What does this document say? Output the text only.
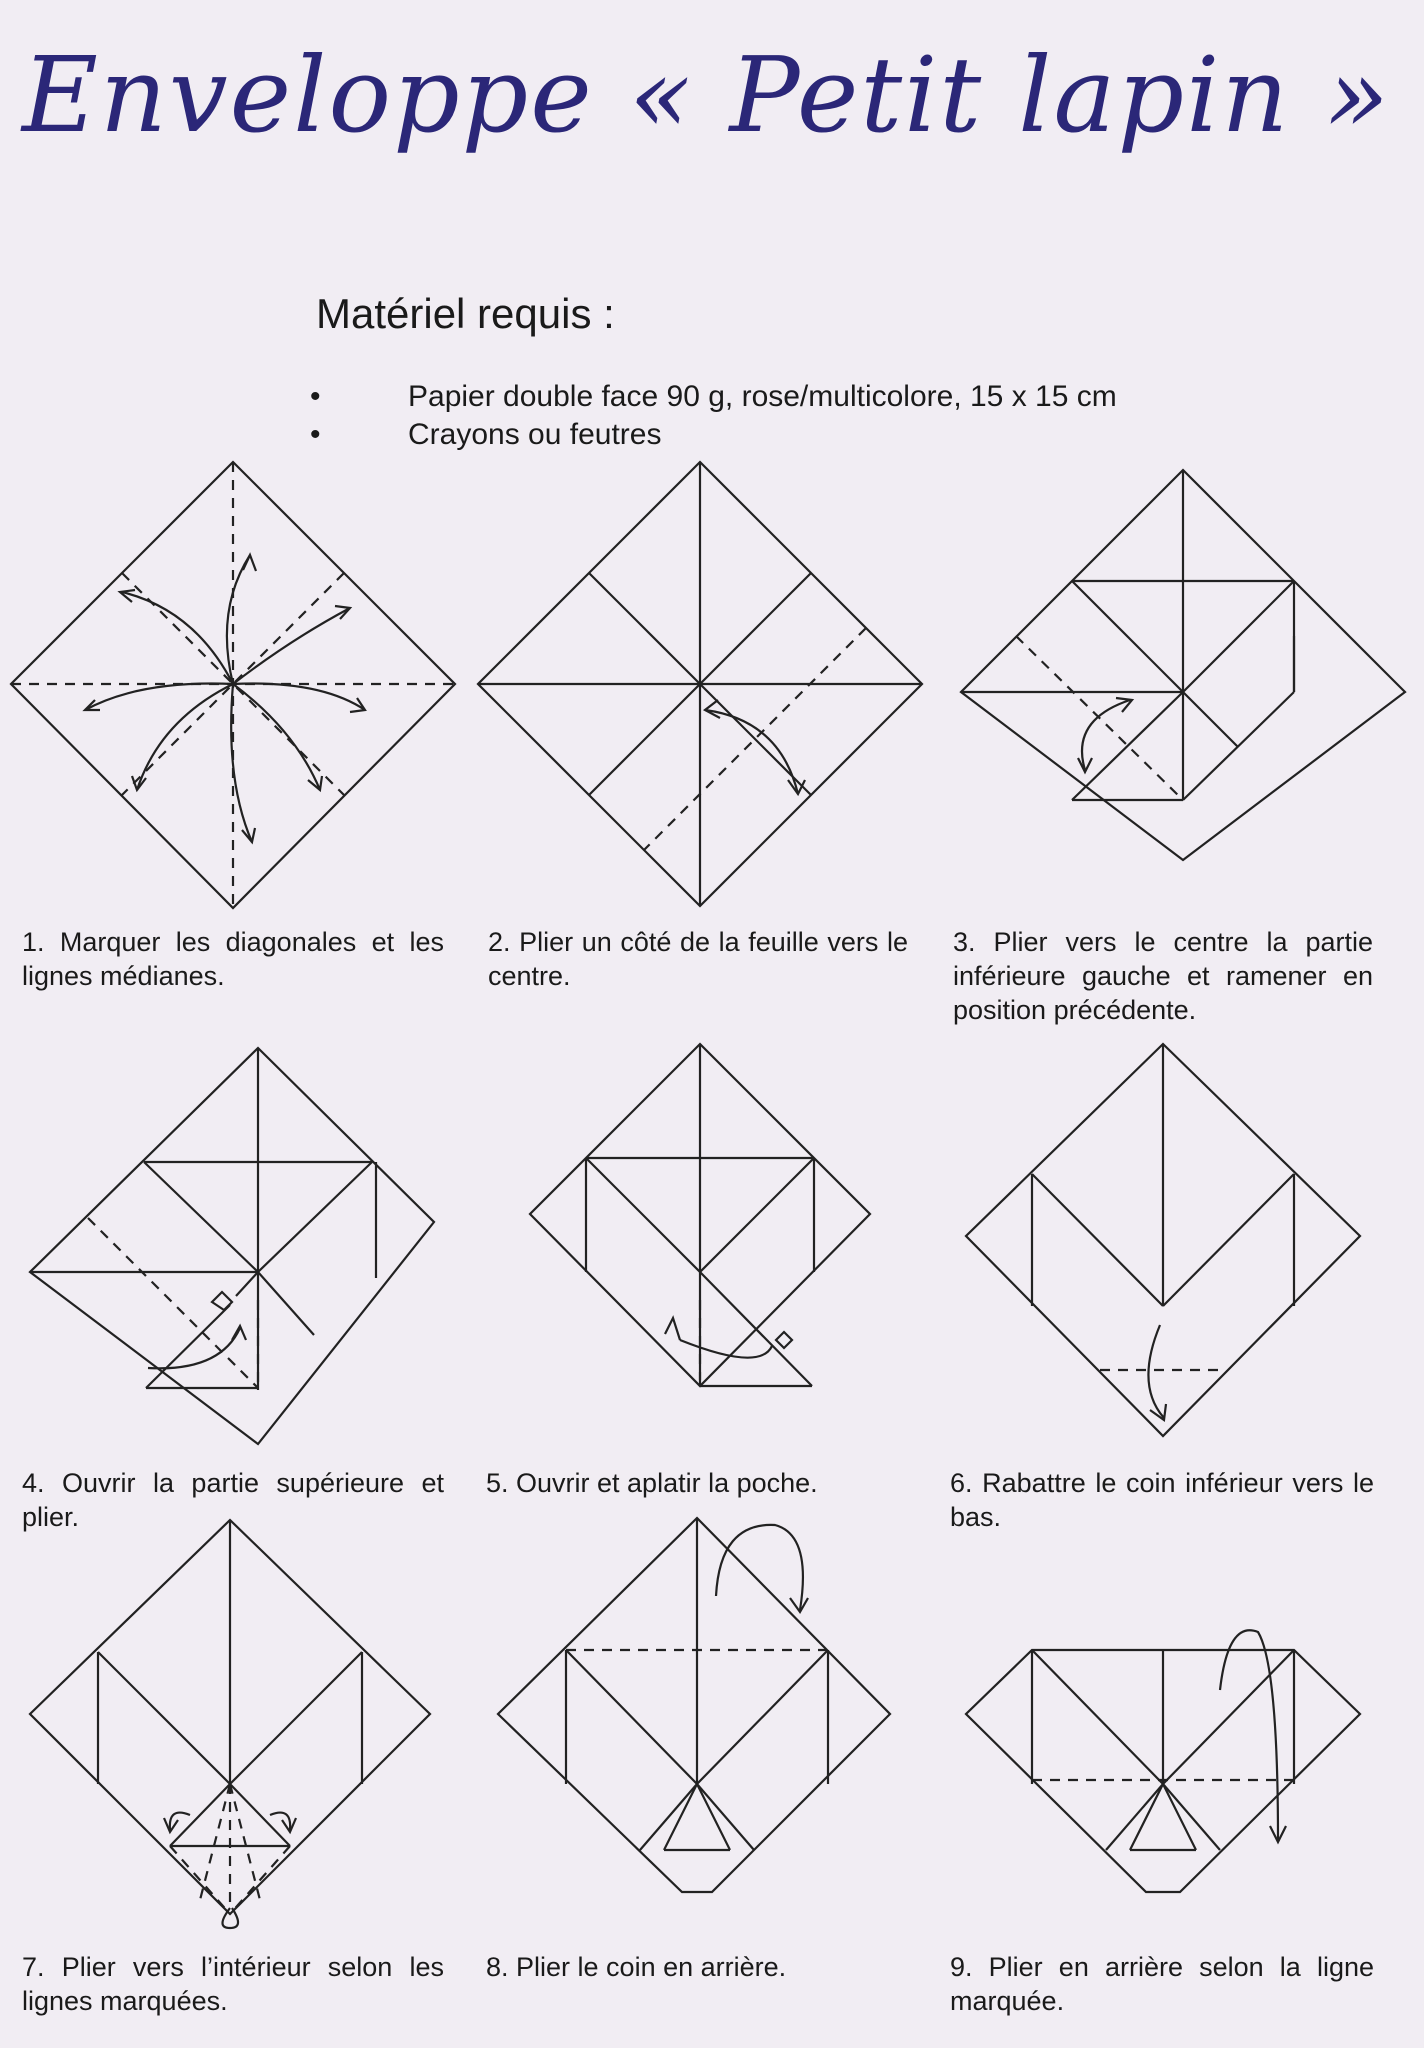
Enveloppe « Petit lapin »
Matériel requis :
•	Papier double face 90 g, rose/multicolore, 15 x 15 cm
•	Crayons ou feutres
1. Marquer les diagonales et les lignes médianes.
2. Plier un côté de la feuille vers le centre.
3. Plier vers le centre la partie inférieure gauche et ramener en position précédente.
4. Ouvrir la partie supérieure et plier.
5. Ouvrir et aplatir la poche.	6. Rabattre le coin inférieur vers le bas.
7. Plier vers l’intérieur selon les lignes marquées.
8. Plier le coin en arrière.	9. Plier en arrière selon la ligne marquée.
